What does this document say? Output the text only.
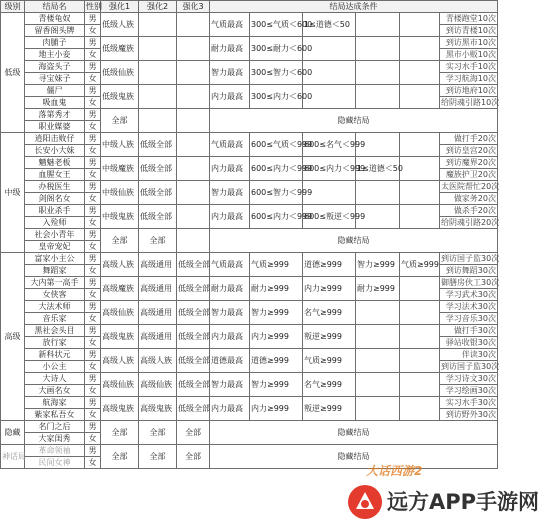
级别	结局名	性别	强化1	强化2	强化3	结局达成条件					
低级	青楼龟奴	男	低级人族			气质最高	300≤气质＜600	1≤道德＜50			青楼跑堂10次
	留香阁头牌	女									到访青楼10次
	肉脯子	男	低级魔族			耐力最高	300≤耐力＜600				到访黑市10次
	地主小妾	女									黑市小贩10次
	海盗头子	男	低级仙族			智力最高	300≤智力＜600				实习水手10次
	寻宝妹子	女									学习航海10次
	僵尸	男	低级鬼族			内力最高	300≤内力＜600				到访地府10次
	吸血鬼	女									给阴魂引路10次
	落第秀才	男	全部			隐藏结局					
	职业媒婆	女									
中级	逍阳击败仔	男	中级人族	低级全部		气质最高	600≤气质＜999	600≤名气＜999			做打手20次
	长安小大妹	女									到访皇宫20次
	魑魅老板	男	中级魔族	低级全部		内力最高	600≤内力＜999	600≤内力＜999	1≤道德＜50		到访魔界20次
	血腥女王	女									魔族护卫20次
	办税医生	男	中级仙族	低级全部		智力最高	600≤智力＜999				太医院帮忙20次
	剑阁名女	女									做家务20次
	职业杀手	男	中级鬼族	低级全部		内力最高	600≤内力＜999	600≤叛逆＜999			做杀手20次
	入殓师	女									给阴魂引路20次
	社会小青年	男	全部	全部		隐藏结局					
	皇帝宠妃	女									
高级	富家小主公	男	高级人族	高级通用	低级全部	气质最高	气质≥999	道德≥999	智力≥999	气质≥999	到访国子监30次
	舞蹈家	女									到访舞蹈30次
	大内第一高手	男	高级魔族	高级通用	低级全部	耐力最高	耐力≥999	内力≥999	耐力≥999		御膳房伙工30次
	女侠客	女									学习武术30次
	大法术师	男	高级仙族	高级通用	低级全部	智力最高	智力≥999	名气≥999			学习法术30次
	音乐家	女									学习音乐30次
	黑社会头目	男	高级鬼族	高级通用	低级全部	内力最高	内力≥999	叛逆≥999			做打手30次
	放行家	女									驿站收银30次
	新科状元	男	高级人族	高级人族	低级全部	道德最高	道德≥999	气质≥999			伴读30次
	小公主	女									到访国子监30次
	大诗人	男	高级仙族	高级仙族	低级全部	智力最高	智力≥999	名气≥999			学习诗文30次
	大画名女	女									学习绘画30次
	航海家	男	高级鬼族	高级鬼族	低级全部	内力最高	内力≥999	叛逆≥999			实习水手30次
	紫家私吾女	女									到访野外30次
隐藏	名门之后	男	全部	全部	全部	隐藏结局					
	大家闺秀	女									
神话局	革命领袖	男	全部	全部	全部	隐藏结局					
	民间女神	女									
大话西游2
远方APP手游网
